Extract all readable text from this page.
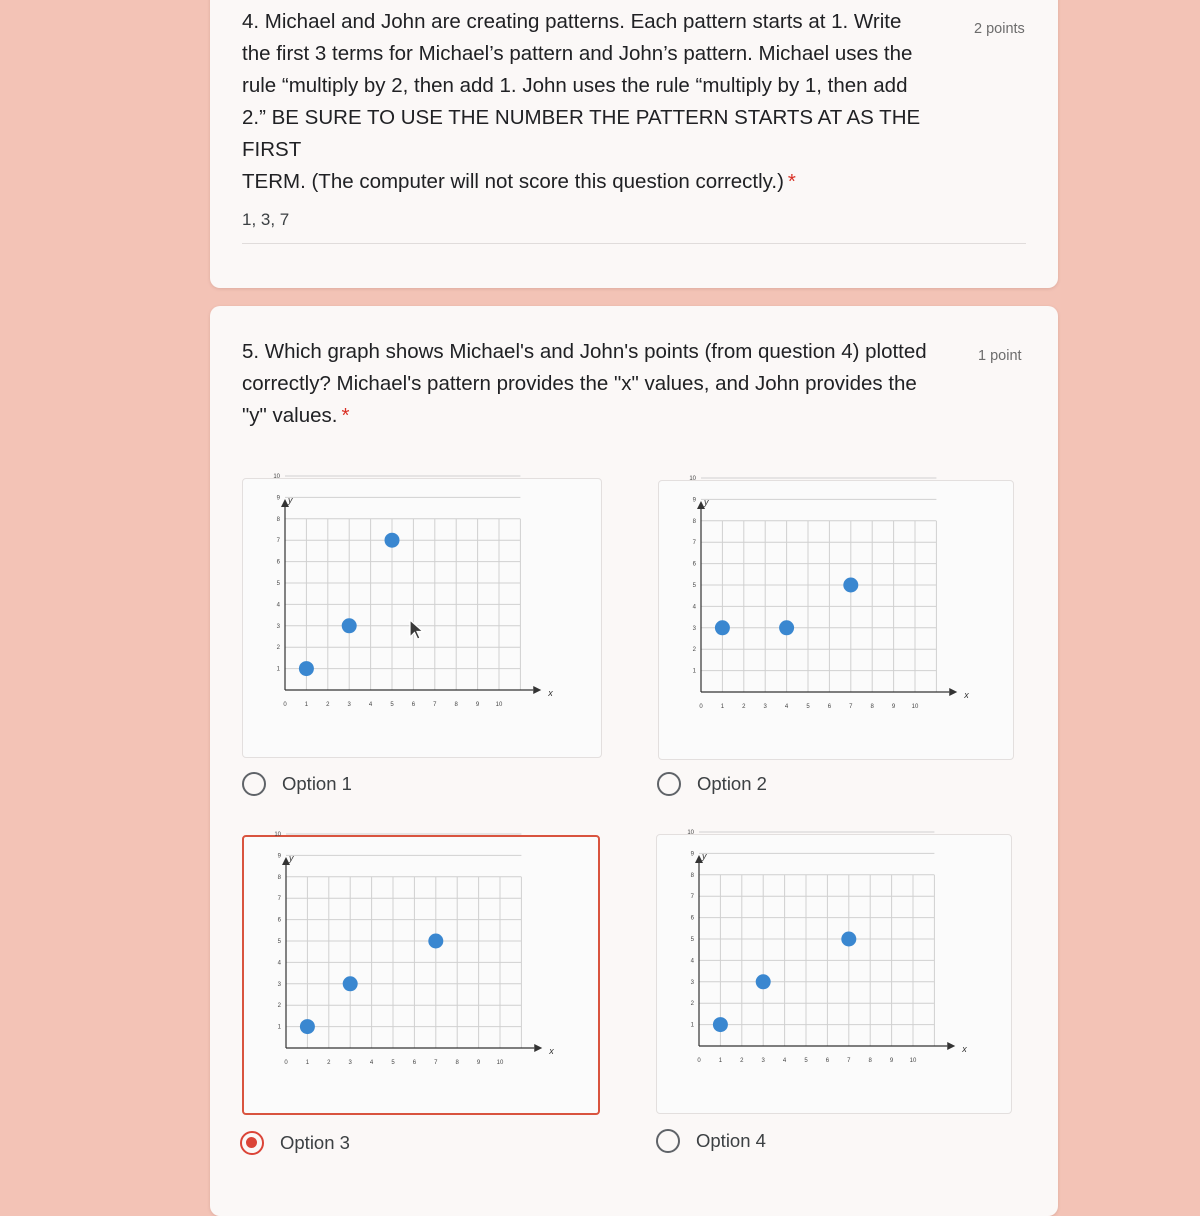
4. Michael and John are creating patterns. Each pattern starts at 1. Write
the first 3 terms for Michael’s pattern and John’s pattern. Michael uses the
rule “multiply by 2, then add 1. John uses the rule “multiply by 1, then add
2.” BE SURE TO USE THE NUMBER THE PATTERN STARTS AT AS THE FIRST
TERM. (The computer will not score this question correctly.) *
2 points
1, 3, 7
5. Which graph shows Michael's and John's points (from question 4) plotted
correctly? Michael's pattern provides the "x" values, and John provides the
"y" values. *
1 point
x
y
0	1	2	3	4	5	6	7	8	9	10
1
2
3
4
5
6
7
8
9
10
x
y
0	1	2	3	4	5	6	7	8	9	10
1
2
3
4
5
6
7
8
9
10
x
y
0	1	2	3	4	5	6	7	8	9	10
1
2
3
4
5
6
7
8
9
10
x
y
0	1	2	3	4	5	6	7	8	9	10
1
2
3
4
5
6
7
8
9
10
Option 1	Option 2
Option 3	Option 4
